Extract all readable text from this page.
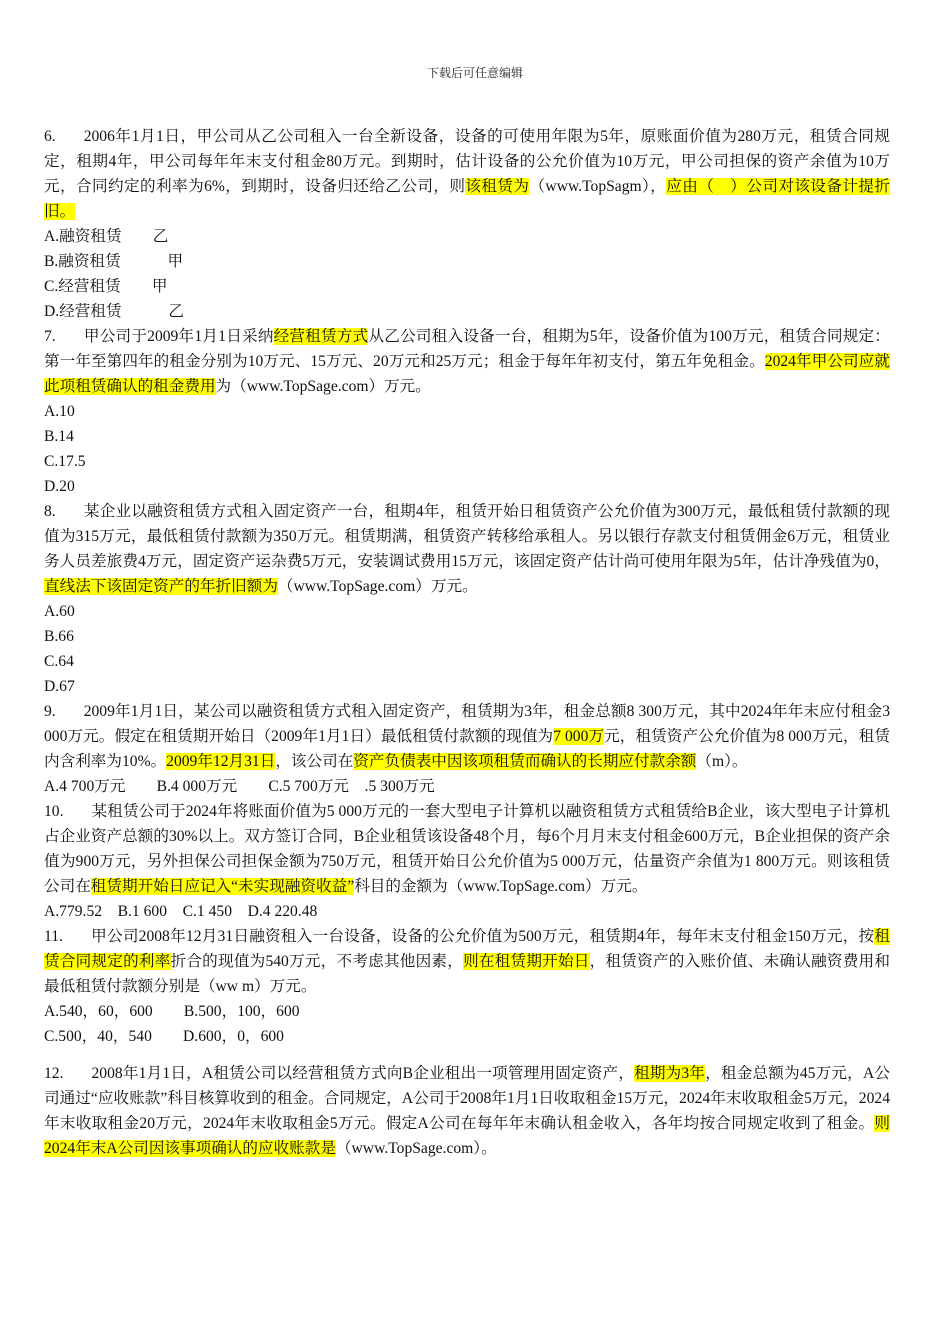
下载后可任意编辑

6. 2006年1月1日，甲公司从乙公司租入一台全新设备，设备的可使用年限为5年，原账面价值为280万元，租赁合同规定，租期4年，甲公司每年年末支付租金80万元。到期时，估计设备的公允价值为10万元，甲公司担保的资产余值为10万元，合同约定的利率为6%，到期时，设备归还给乙公司，则该租赁为（www.TopSagm），应由（　）公司对该设备计提折旧。

A.融资租赁　　乙
B.融资租赁　　　甲
C.经营租赁　　甲
D.经营租赁　　　乙

7. 甲公司于2009年1月1日采纳经营租赁方式从乙公司租入设备一台，租期为5年，设备价值为100万元，租赁合同规定：第一年至第四年的租金分别为10万元、15万元、20万元和25万元；租金于每年年初支付，第五年免租金。2024年甲公司应就此项租赁确认的租金费用为（www.TopSage.com）万元。

A.10
B.14
C.17.5
D.20

8. 某企业以融资租赁方式租入固定资产一台，租期4年，租赁开始日租赁资产公允价值为300万元，最低租赁付款额的现值为315万元，最低租赁付款额为350万元。租赁期满，租赁资产转移给承租人。另以银行存款支付租赁佣金6万元，租赁业务人员差旅费4万元，固定资产运杂费5万元，安装调试费用15万元，该固定资产估计尚可使用年限为5年，估计净残值为0，直线法下该固定资产的年折旧额为（www.TopSage.com）万元。

A.60
B.66
C.64
D.67

9. 2009年1月1日，某公司以融资租赁方式租入固定资产，租赁期为3年，租金总额8 300万元，其中2024年年末应付租金3 000万元。假定在租赁期开始日（2009年1月1日）最低租赁付款额的现值为7 000万元，租赁资产公允价值为8 000万元，租赁内含利率为10%。2009年12月31日，该公司在资产负债表中因该项租赁而确认的长期应付款余额（m）。

A.4 700万元　　B.4 000万元　　C.5 700万元　.5 300万元

10. 某租赁公司于2024年将账面价值为5 000万元的一套大型电子计算机以融资租赁方式租赁给B企业，该大型电子计算机占企业资产总额的30%以上。双方签订合同，B企业租赁该设备48个月，每6个月月末支付租金600万元，B企业担保的资产余值为900万元，另外担保公司担保金额为750万元，租赁开始日公允价值为5 000万元，估量资产余值为1 800万元。则该租赁公司在租赁期开始日应记入“未实现融资收益”科目的金额为（www.TopSage.com）万元。

A.779.52　B.1 600　C.1 450　D.4 220.48

11. 甲公司2008年12月31日融资租入一台设备，设备的公允价值为500万元，租赁期4年，每年末支付租金150万元，按租赁合同规定的利率折合的现值为540万元，不考虑其他因素，则在租赁期开始日，租赁资产的入账价值、未确认融资费用和最低租赁付款额分别是（ww m）万元。

A.540，60，600　　B.500，100，600
C.500，40，540　　D.600，0，600

12. 2008年1月1日，A租赁公司以经营租赁方式向B企业租出一项管理用固定资产，租期为3年，租金总额为45万元，A公司通过“应收账款”科目核算收到的租金。合同规定，A公司于2008年1月1日收取租金15万元，2024年末收取租金5万元，2024年末收取租金20万元，2024年末收取租金5万元。假定A公司在每年年末确认租金收入，各年均按合同规定收到了租金。则2024年末A公司因该事项确认的应收账款是（www.TopSage.com）。
